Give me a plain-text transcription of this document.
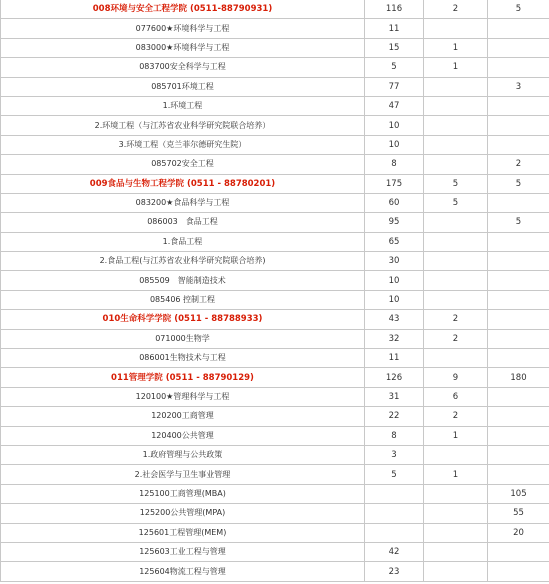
008环境与安全工程学院 (0511-88790931)	116	2	5
077600★环境科学与工程	11		
083000★环境科学与工程	15	1	
083700安全科学与工程	5	1	
085701环境工程	77		3
1.环境工程	47		
2.环境工程（与江苏省农业科学研究院联合培养）	10		
3.环境工程（克兰菲尔德研究生院）	10		
085702安全工程	8		2
009食品与生物工程学院 (0511 - 88780201)	175	5	5
083200★食品科学与工程	60	5	
086003　食品工程	95		5
1.食品工程	65		
2.食品工程(与江苏省农业科学研究院联合培养)	30		
085509　智能制造技术	10		
085406 控制工程	10		
010生命科学学院 (0511 - 88788933)	43	2	
071000生物学	32	2	
086001生物技术与工程	11		
011管理学院 (0511 - 88790129)	126	9	180
120100★管理科学与工程	31	6	
120200工商管理	22	2	
120400公共管理	8	1	
1.政府管理与公共政策	3		
2.社会医学与卫生事业管理	5	1	
125100工商管理(MBA)			105
125200公共管理(MPA)			55
125601工程管理(MEM)			20
125603工业工程与管理	42		
125604物流工程与管理	23		
